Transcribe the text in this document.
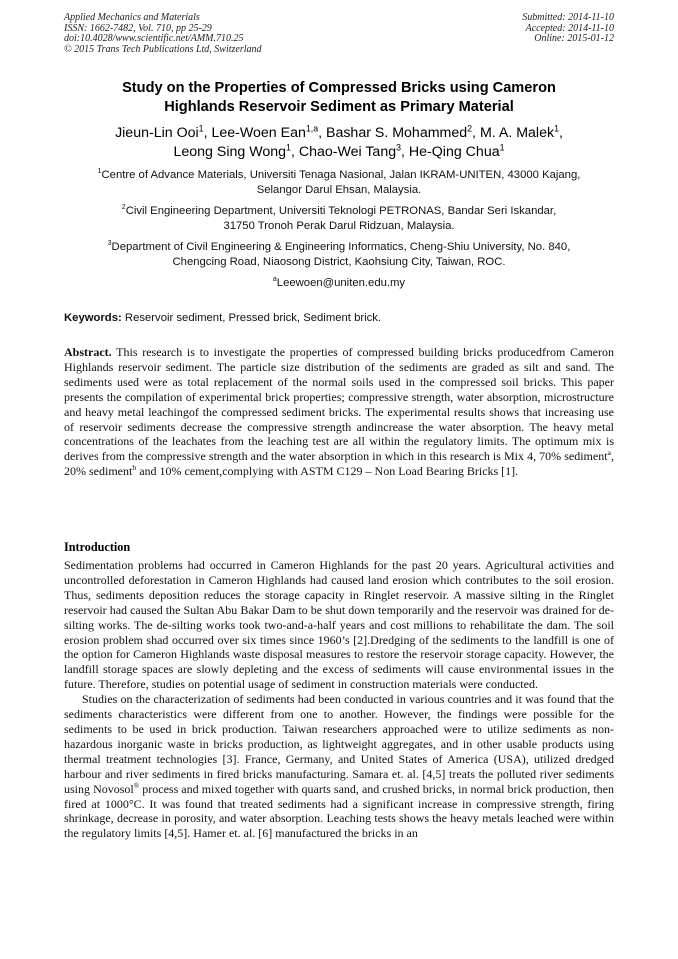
Applied Mechanics and Materials
ISSN: 1662-7482, Vol. 710, pp 25-29
doi:10.4028/www.scientific.net/AMM.710.25
© 2015 Trans Tech Publications Ltd, Switzerland
Submitted: 2014-11-10
Accepted: 2014-11-10
Online: 2015-01-12
Study on the Properties of Compressed Bricks using Cameron
Highlands Reservoir Sediment as Primary Material
Jieun-Lin Ooi$^1$, Lee-Woen Ean$^{1,a}$, Bashar S. Mohammed$^2$, M. A. Malek$^1$,
Leong Sing Wong$^1$, Chao-Wei Tang$^3$, He-Qing Chua$^1$
$^1$Centre of Advance Materials, Universiti Tenaga Nasional, Jalan IKRAM-UNITEN, 43000 Kajang,
Selangor Darul Ehsan, Malaysia.
$^2$Civil Engineering Department, Universiti Teknologi PETRONAS, Bandar Seri Iskandar,
31750 Tronoh Perak Darul Ridzuan, Malaysia.
$^3$Department of Civil Engineering & Engineering Informatics, Cheng-Shiu University, No. 840,
Chengcing Road, Niaosong District, Kaohsiung City, Taiwan, ROC.
$^a$Leewoen@uniten.edu.my
Keywords: Reservoir sediment, Pressed brick, Sediment brick.
Abstract. This research is to investigate the properties of compressed building bricks producedfrom Cameron Highlands reservoir sediment. The particle size distribution of the sediments are graded as silt and sand. The sediments used were as total replacement of the normal soils used in the compressed soil bricks. This paper presents the compilation of experimental brick properties; compressive strength, water absorption, microstructure and heavy metal leachingof the compressed sediment bricks. The experimental results shows that increasing use of reservoir sediments decrease the compressive strength andincrease the water absorption. The heavy metal concentrations of the leachates from the leaching test are all within the regulatory limits. The optimum mix is derives from the compressive strength and the water absorption in which in this research is Mix 4, 70% sediment$^a$, 20% sediment$^b$ and 10% cement,complying with ASTM C129 – Non Load Bearing Bricks [1].
Introduction

Sedimentation problems had occurred in Cameron Highlands for the past 20 years. Agricultural activities and uncontrolled deforestation in Cameron Highlands had caused land erosion which contributes to the soil erosion. Thus, sediments deposition reduces the storage capacity in Ringlet reservoir. A massive silting in the Ringlet reservoir had caused the Sultan Abu Bakar Dam to be shut down temporarily and the reservoir was drained for de-silting works. The de-silting works took two-and-a-half years and cost millions to rehabilitate the dam. The soil erosion problem shad occurred over six times since 1960’s [2].Dredging of the sediments to the landfill is one of the option for Cameron Highlands waste disposal measures to restore the reservoir storage capacity. However, the landfill storage spaces are slowly depleting and the excess of sediments will cause environmental issues in the future. Therefore, studies on potential usage of sediment in construction materials were conducted.

Studies on the characterization of sediments had been conducted in various countries and it was found that the sediments characteristics were different from one to another. However, the findings were possible for the sediments to be used in brick production. Taiwan researchers approached were to utilize sediments as non-hazardous inorganic waste in bricks production, as lightweight aggregates, and in other usable products using thermal treatment technologies [3]. France, Germany, and United States of America (USA), utilized dredged harbour and river sediments in fired bricks manufacturing. Samara et. al. [4,5] treats the polluted river sediments using Novosol® process and mixed together with quarts sand, and crushed bricks, in normal brick production, then fired at 1000°C. It was found that treated sediments had a significant increase in compressive strength, firing shrinkage, decrease in porosity, and water absorption. Leaching tests shows the heavy metals leached were within the regulatory limits [4,5]. Hamer et. al. [6] manufactured the bricks in an
